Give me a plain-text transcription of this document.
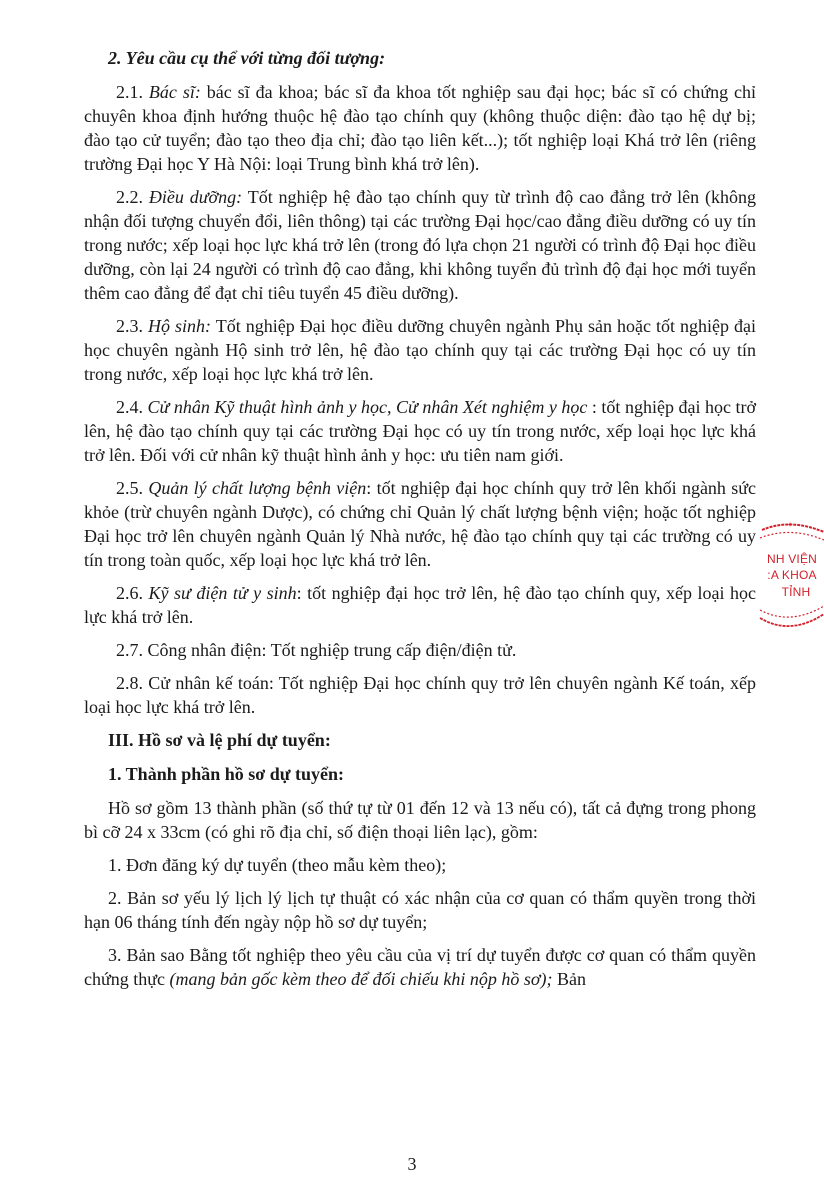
2. Yêu cầu cụ thể với từng đối tượng:

2.1. Bác sĩ: bác sĩ đa khoa; bác sĩ đa khoa tốt nghiệp sau đại học; bác sĩ có chứng chỉ chuyên khoa định hướng thuộc hệ đào tạo chính quy (không thuộc diện: đào tạo hệ dự bị; đào tạo cử tuyển; đào tạo theo địa chỉ; đào tạo liên kết...); tốt nghiệp loại Khá trở lên (riêng trường Đại học Y Hà Nội: loại Trung bình khá trở lên).

2.2. Điều dưỡng: Tốt nghiệp hệ đào tạo chính quy từ trình độ cao đẳng trở lên (không nhận đối tượng chuyển đổi, liên thông) tại các trường Đại học/cao đẳng điều dưỡng có uy tín trong nước; xếp loại học lực khá trở lên (trong đó lựa chọn 21 người có trình độ Đại học điều dưỡng, còn lại 24 người có trình độ cao đẳng, khi không tuyển đủ trình độ đại học mới tuyển thêm cao đẳng để đạt chỉ tiêu tuyển 45 điều dưỡng).

2.3. Hộ sinh: Tốt nghiệp Đại học điều dưỡng chuyên ngành Phụ sản hoặc tốt nghiệp đại học chuyên ngành Hộ sinh trở lên, hệ đào tạo chính quy tại các trường Đại học có uy tín trong nước, xếp loại học lực khá trở lên.

2.4. Cử nhân Kỹ thuật hình ảnh y học, Cử nhân Xét nghiệm y học : tốt nghiệp đại học trở lên, hệ đào tạo chính quy tại các trường Đại học có uy tín trong nước, xếp loại học lực khá trở lên. Đối với cử nhân kỹ thuật hình ảnh y học: ưu tiên nam giới.

2.5. Quản lý chất lượng bệnh viện: tốt nghiệp đại học chính quy trở lên khối ngành sức khỏe (trừ chuyên ngành Dược), có chứng chỉ Quản lý chất lượng bệnh viện; hoặc tốt nghiệp Đại học trở lên chuyên ngành Quản lý Nhà nước, hệ đào tạo chính quy tại các trường có uy tín trong toàn quốc, xếp loại học lực khá trở lên.

2.6. Kỹ sư điện tử y sinh: tốt nghiệp đại học trở lên, hệ đào tạo chính quy, xếp loại học lực khá trở lên.

2.7. Công nhân điện: Tốt nghiệp trung cấp điện/điện tử.

2.8. Cử nhân kế toán: Tốt nghiệp Đại học chính quy trở lên chuyên ngành Kế toán, xếp loại học lực khá trở lên.

III. Hồ sơ và lệ phí dự tuyển:
1. Thành phần hồ sơ dự tuyển:

Hồ sơ gồm 13 thành phần (số thứ tự từ 01 đến 12 và 13 nếu có), tất cả đựng trong phong bì cỡ 24 x 33cm (có ghi rõ địa chỉ, số điện thoại liên lạc), gồm:

1. Đơn đăng ký dự tuyển (theo mẫu kèm theo);

2. Bản sơ yếu lý lịch lý lịch tự thuật có xác nhận của cơ quan có thẩm quyền trong thời hạn 06 tháng tính đến ngày nộp hồ sơ dự tuyển;

3. Bản sao Bằng tốt nghiệp theo yêu cầu của vị trí dự tuyển được cơ quan có thẩm quyền chứng thực (mang bản gốc kèm theo để đối chiếu khi nộp hồ sơ); Bản

✦
NH VIỆN
:A KHOA
TỈNH
3
